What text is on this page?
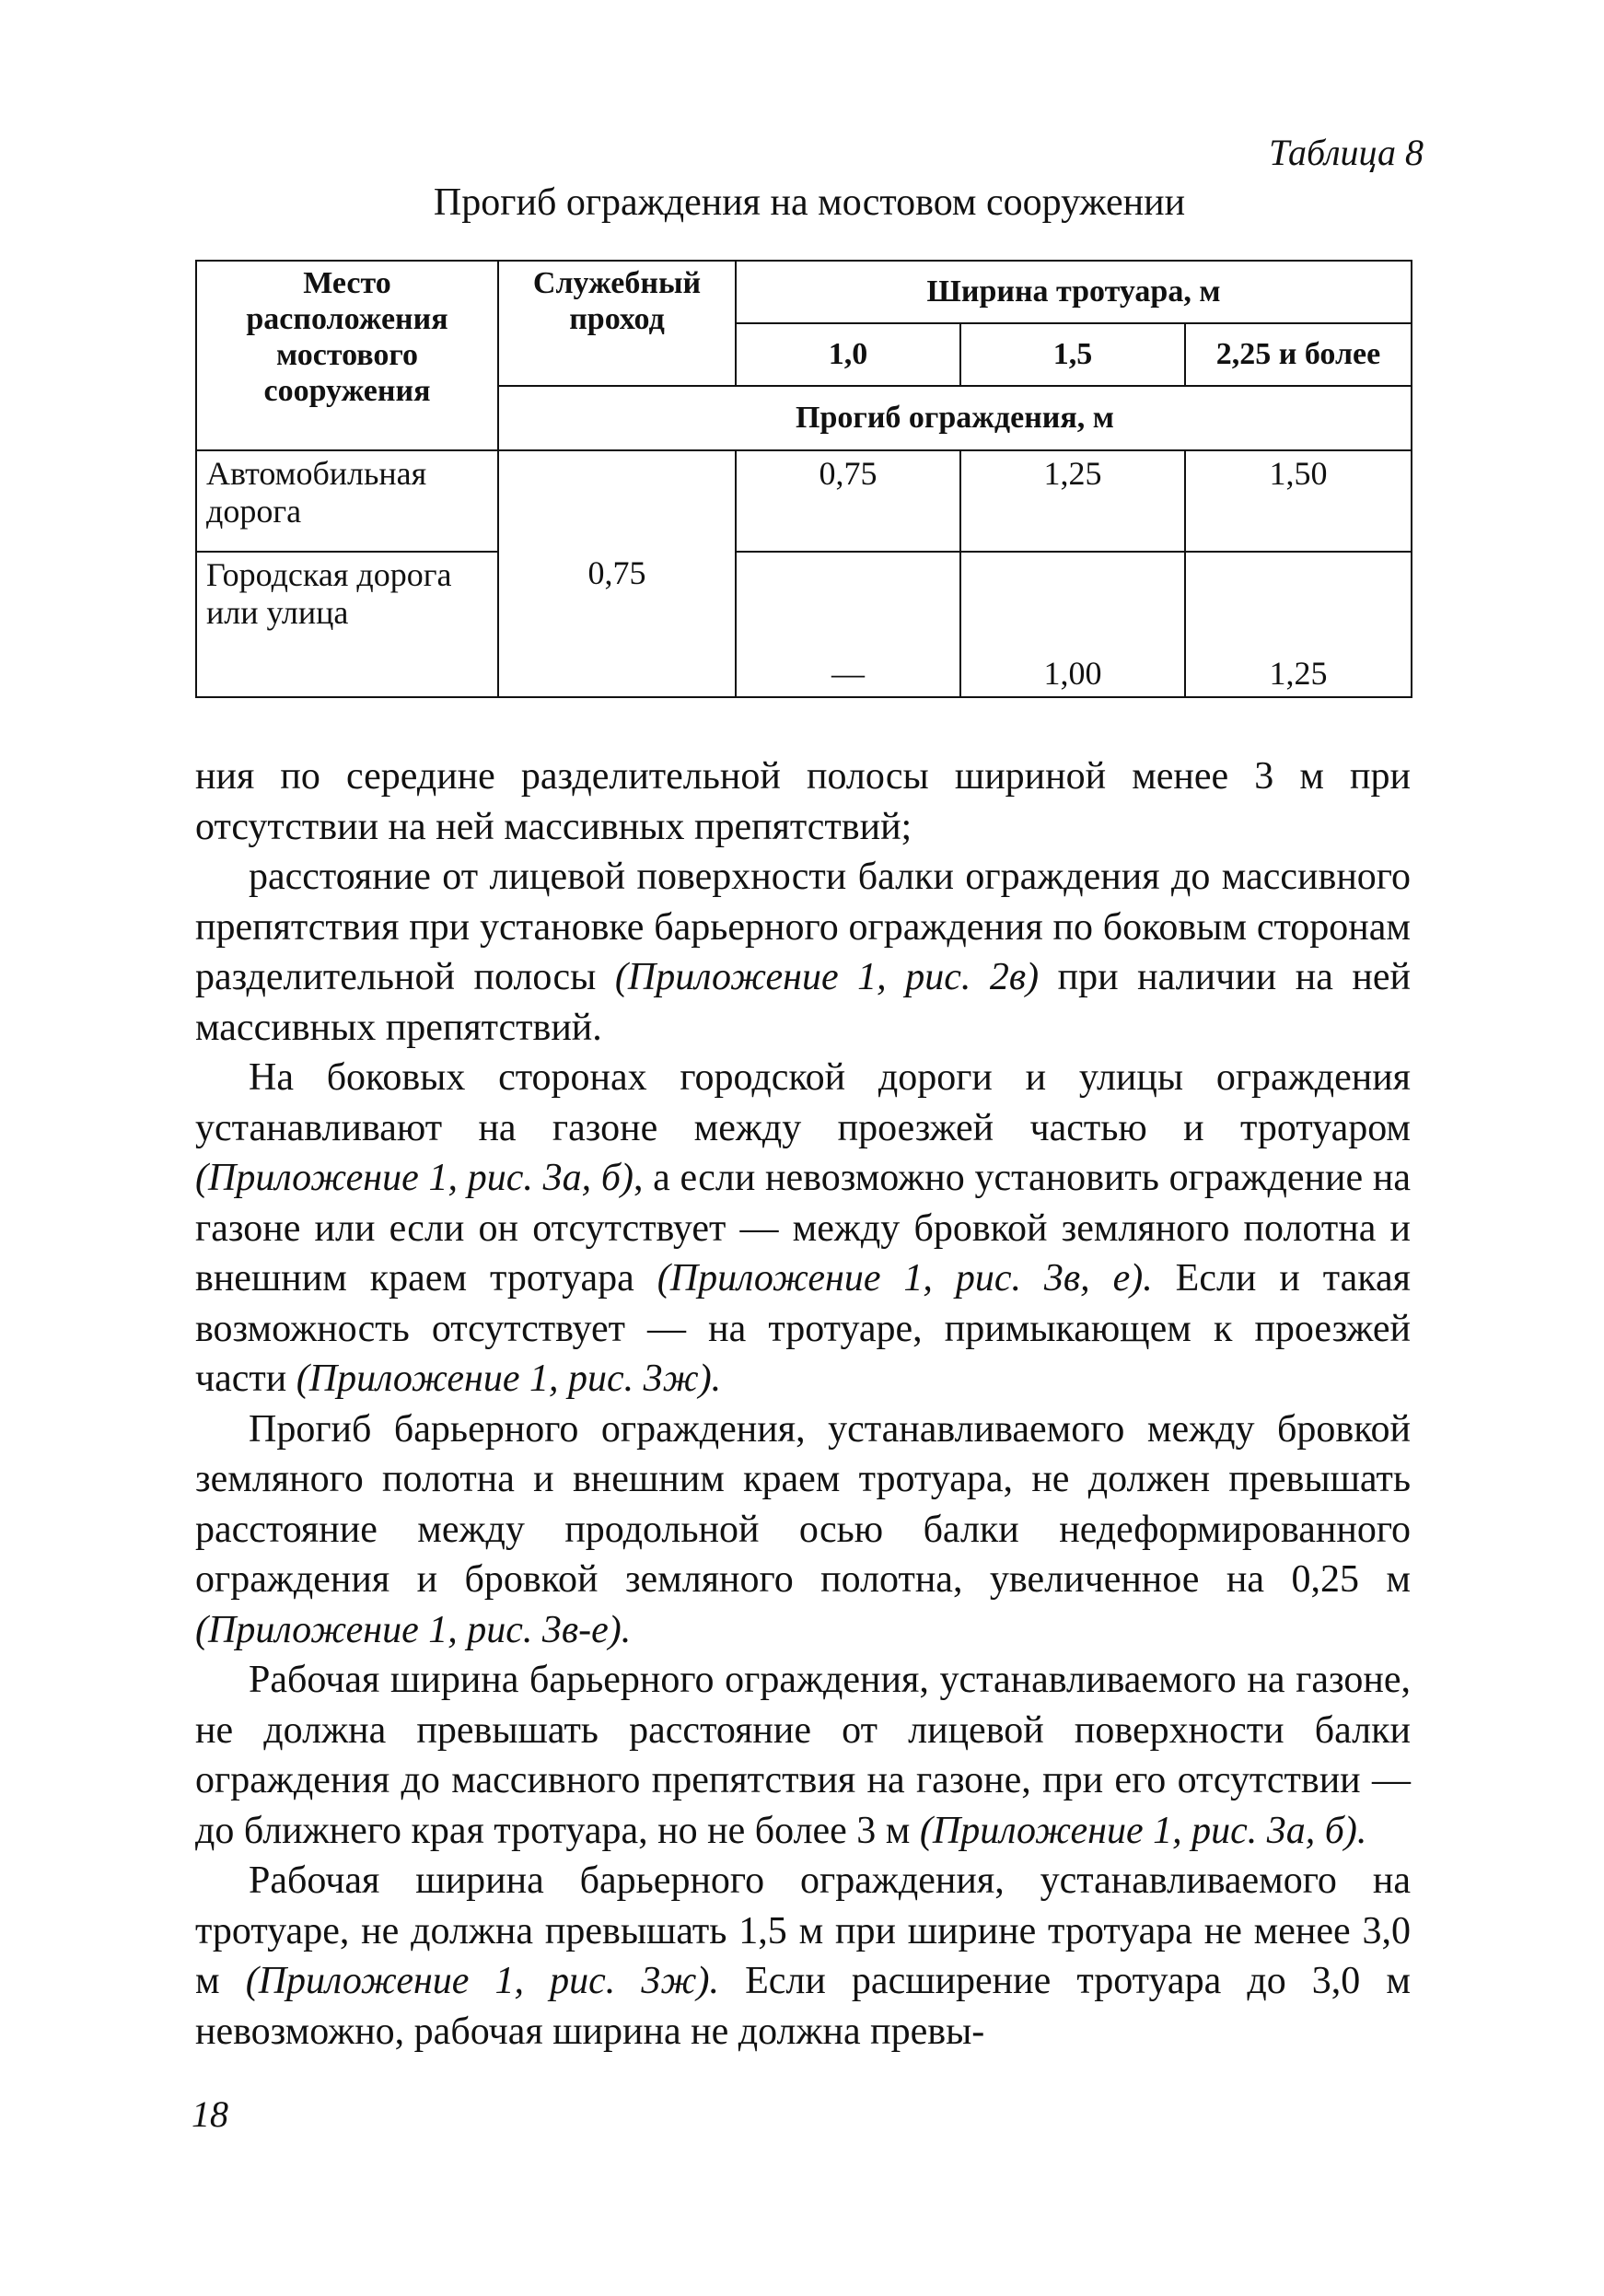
Таблица 8
Прогиб ограждения на мостовом сооружении
Место расположения мостового сооружения	Служебный проход	Ширина тротуара, м		
		1,0	1,5	2,25 и более
	Прогиб ограждения, м			
Автомобильная дорога	0,75	0,75	1,25	1,50
Городская дорога или улица		—	1,00	1,25

ния по середине разделительной полосы шириной менее 3 м при отсутствии на ней массивных препятствий;

расстояние от лицевой поверхности балки ограждения до массивного препятствия при установке барьерного ограждения по боковым сторонам разделительной полосы (Приложение 1, рис. 2в) при наличии на ней массивных препятствий.

На боковых сторонах городской дороги и улицы ограждения устанавливают на газоне между проезжей частью и тротуаром (Приложение 1, рис. 3а, б), а если невозможно установить ограждение на газоне или если он отсутствует — между бровкой земляного полотна и внешним краем тротуара (Приложение 1, рис. 3в, е). Если и такая возможность отсутствует — на тротуаре, примыкающем к проезжей части (Приложение 1, рис. 3ж).

Прогиб барьерного ограждения, устанавливаемого между бровкой земляного полотна и внешним краем тротуара, не должен превышать расстояние между продольной осью балки недеформированного ограждения и бровкой земляного полотна, увеличенное на 0,25 м (Приложение 1, рис. 3в-е).

Рабочая ширина барьерного ограждения, устанавливаемого на газоне, не должна превышать расстояние от лицевой поверхности балки ограждения до массивного препятствия на газоне, при его отсутствии — до ближнего края тротуара, но не более 3 м (Приложение 1, рис. 3а, б).

Рабочая ширина барьерного ограждения, устанавливаемого на тротуаре, не должна превышать 1,5 м при ширине тротуара не менее 3,0 м (Приложение 1, рис. 3ж). Если расширение тротуара до 3,0 м невозможно, рабочая ширина не должна превы-

18
